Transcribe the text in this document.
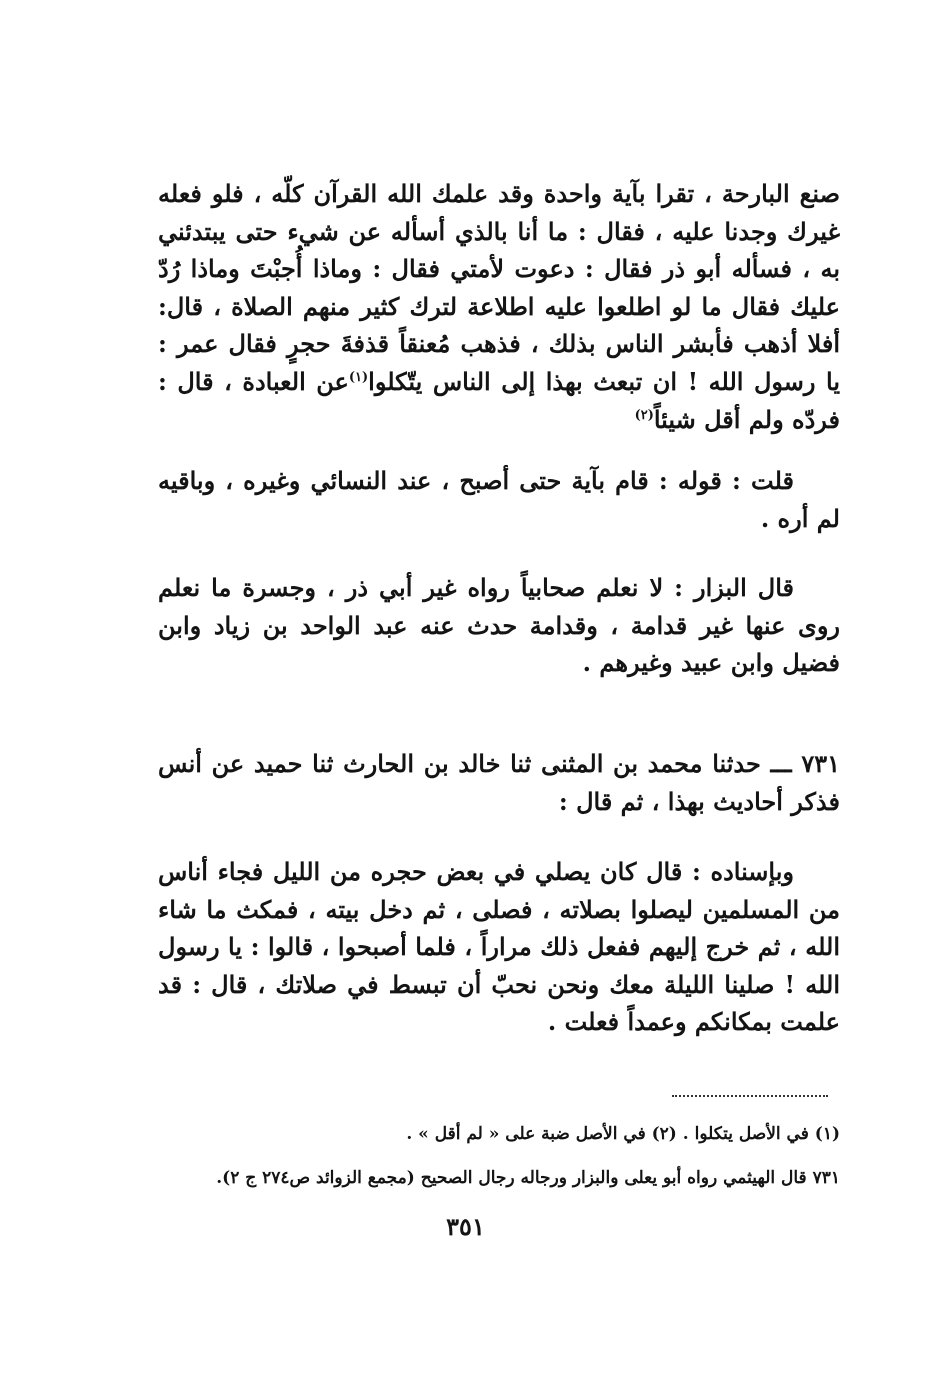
صنع البارحة ، تقرا بآية واحدة وقد علمك الله القرآن كلّه ، فلو فعله غيرك وجدنا عليه ، فقال : ما أنا بالذي أسأله عن شيء حتى يبتدئني به ، فسأله أبو ذر فقال : دعوت لأمتي فقال : وماذا أُجبْتَ وماذا رُدّ عليك فقال ما لو اطلعوا عليه اطلاعة لترك كثير منهم الصلاة ، قال: أفلا أذهب فأبشر الناس بذلك ، فذهب مُعنقاً قذفةَ حجرٍ فقال عمر : يا رسول الله ! ان تبعث بهذا إلى الناس يتّكلوا$^{(١)}$عن العبادة ، قال : فردّه ولم أقل شيئاً$^{(٢)}$

قلت : قوله : قام بآية حتى أصبح ، عند النسائي وغيره ، وباقيه لم أره .

قال البزار : لا نعلم صحابياً رواه غير أبي ذر ، وجسرة ما نعلم روى عنها غير قدامة ، وقدامة حدث عنه عبد الواحد بن زياد وابن فضيل وابن عبيد وغيرهم .

٧٣١ ـــ حدثنا محمد بن المثنى ثنا خالد بن الحارث ثنا حميد عن أنس فذكر أحاديث بهذا ، ثم قال :

وبإسناده : قال كان يصلي في بعض حجره من الليل فجاء أناس من المسلمين ليصلوا بصلاته ، فصلى ، ثم دخل بيته ، فمكث ما شاء الله ، ثم خرج إليهم ففعل ذلك مراراً ، فلما أصبحوا ، قالوا : يا رسول الله ! صلينا الليلة معك ونحن نحبّ أن تبسط في صلاتك ، قال : قد علمت بمكانكم وعمداً فعلت .

(١) في الأصل يتكلوا . (٢) في الأصل ضبة على « لم أقل » .
٧٣١ قال الهيثمي رواه أبو يعلى والبزار ورجاله رجال الصحيح (مجمع الزوائد ص٢٧٤ ج ٢).
٣٥١
